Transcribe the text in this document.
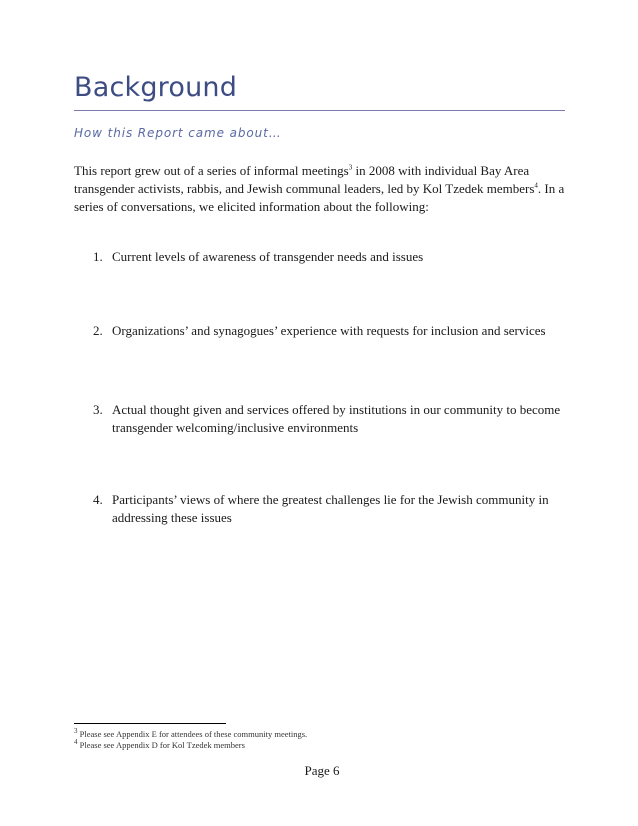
Background
How this Report came about…

This report grew out of a series of informal meetings$^3$ in 2008 with individual Bay Area transgender activists, rabbis, and Jewish communal leaders, led by Kol Tzedek members$^4$. In a series of conversations, we elicited information about the following:

1. Current levels of awareness of transgender needs and issues
2. Organizations’ and synagogues’ experience with requests for inclusion and services
3. Actual thought given and services offered by institutions in our community to become transgender welcoming/inclusive environments
4. Participants’ views of where the greatest challenges lie for the Jewish community in addressing these issues
$^3$ Please see Appendix E for attendees of these community meetings.
$^4$ Please see Appendix D for Kol Tzedek members
Page 6
